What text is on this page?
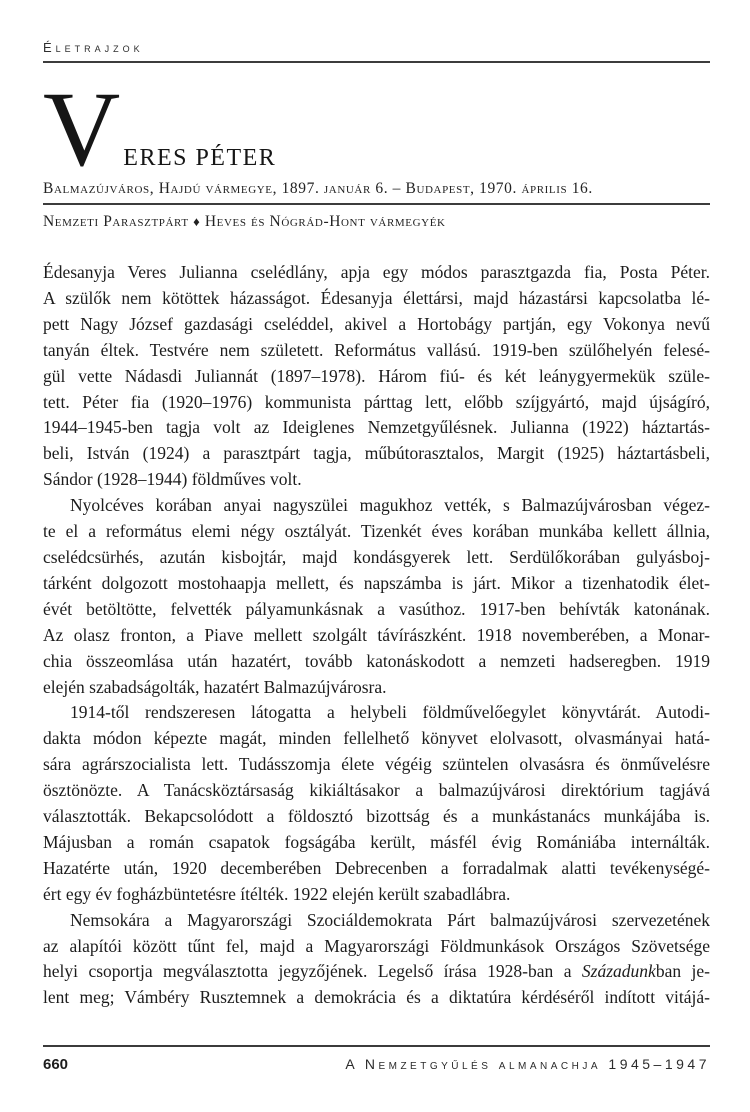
Életrajzok
V ERES PÉTER
Balmazújváros, Hajdú vármegye, 1897. január 6. – Budapest, 1970. április 16.
Nemzeti Parasztpárt ♦ Heves és Nógrád-Hont vármegyék
Édesanyja Veres Julianna cselédlány, apja egy módos parasztgazda fia, Posta Péter.
A szülők nem kötöttek házasságot. Édesanyja élettársi, majd házastársi kapcsolatba lé-
pett Nagy József gazdasági cseléddel, akivel a Hortobágy partján, egy Vokonya nevű
tanyán éltek. Testvére nem született. Református vallású. 1919-ben szülőhelyén felesé-
gül vette Nádasdi Juliannát (1897–1978). Három fiú- és két leánygyermekük szüle-
tett. Péter fia (1920–1976) kommunista párttag lett, előbb szíjgyártó, majd újságíró,
1944–1945-ben tagja volt az Ideiglenes Nemzetgyűlésnek. Julianna (1922) háztartás-
beli, István (1924) a parasztpárt tagja, műbútorasztalos, Margit (1925) háztartásbeli,
Sándor (1928–1944) földműves volt.
Nyolcéves korában anyai nagyszülei magukhoz vették, s Balmazújvárosban végez-
te el a református elemi négy osztályát. Tizenkét éves korában munkába kellett állnia,
cselédcsürhés, azután kisbojtár, majd kondásgyerek lett. Serdülőkorában gulyásboj-
tárként dolgozott mostohaapja mellett, és napszámba is járt. Mikor a tizenhatodik élet-
évét betöltötte, felvették pályamunkásnak a vasúthoz. 1917-ben behívták katonának.
Az olasz fronton, a Piave mellett szolgált távírászként. 1918 novemberében, a Monar-
chia összeomlása után hazatért, tovább katonáskodott a nemzeti hadseregben. 1919
elején szabadságolták, hazatért Balmazújvárosra.
1914-től rendszeresen látogatta a helybeli földművelőegylet könyvtárát. Autodi-
dakta módon képezte magát, minden fellelhető könyvet elolvasott, olvasmányai hatá-
sára agrárszocialista lett. Tudásszomja élete végéig szüntelen olvasásra és önművelésre
ösztönözte. A Tanácsköztársaság kikiáltásakor a balmazújvárosi direktórium tagjává
választották. Bekapcsolódott a földosztó bizottság és a munkástanács munkájába is.
Májusban a román csapatok fogságába került, másfél évig Romániába internálták.
Hazatérte után, 1920 decemberében Debrecenben a forradalmak alatti tevékenységé-
ért egy év fogházbüntetésre ítélték. 1922 elején került szabadlábra.
Nemsokára a Magyarországi Szociáldemokrata Párt balmazújvárosi szervezetének
az alapítói között tűnt fel, majd a Magyarországi Földmunkások Országos Szövetsége
helyi csoportja megválasztotta jegyzőjének. Legelső írása 1928-ban a Századunkban je-
lent meg; Vámbéry Rusztemnek a demokrácia és a diktatúra kérdéséről indított vitájá-
660	A Nemzetgyűlés almanachja 1945–1947
